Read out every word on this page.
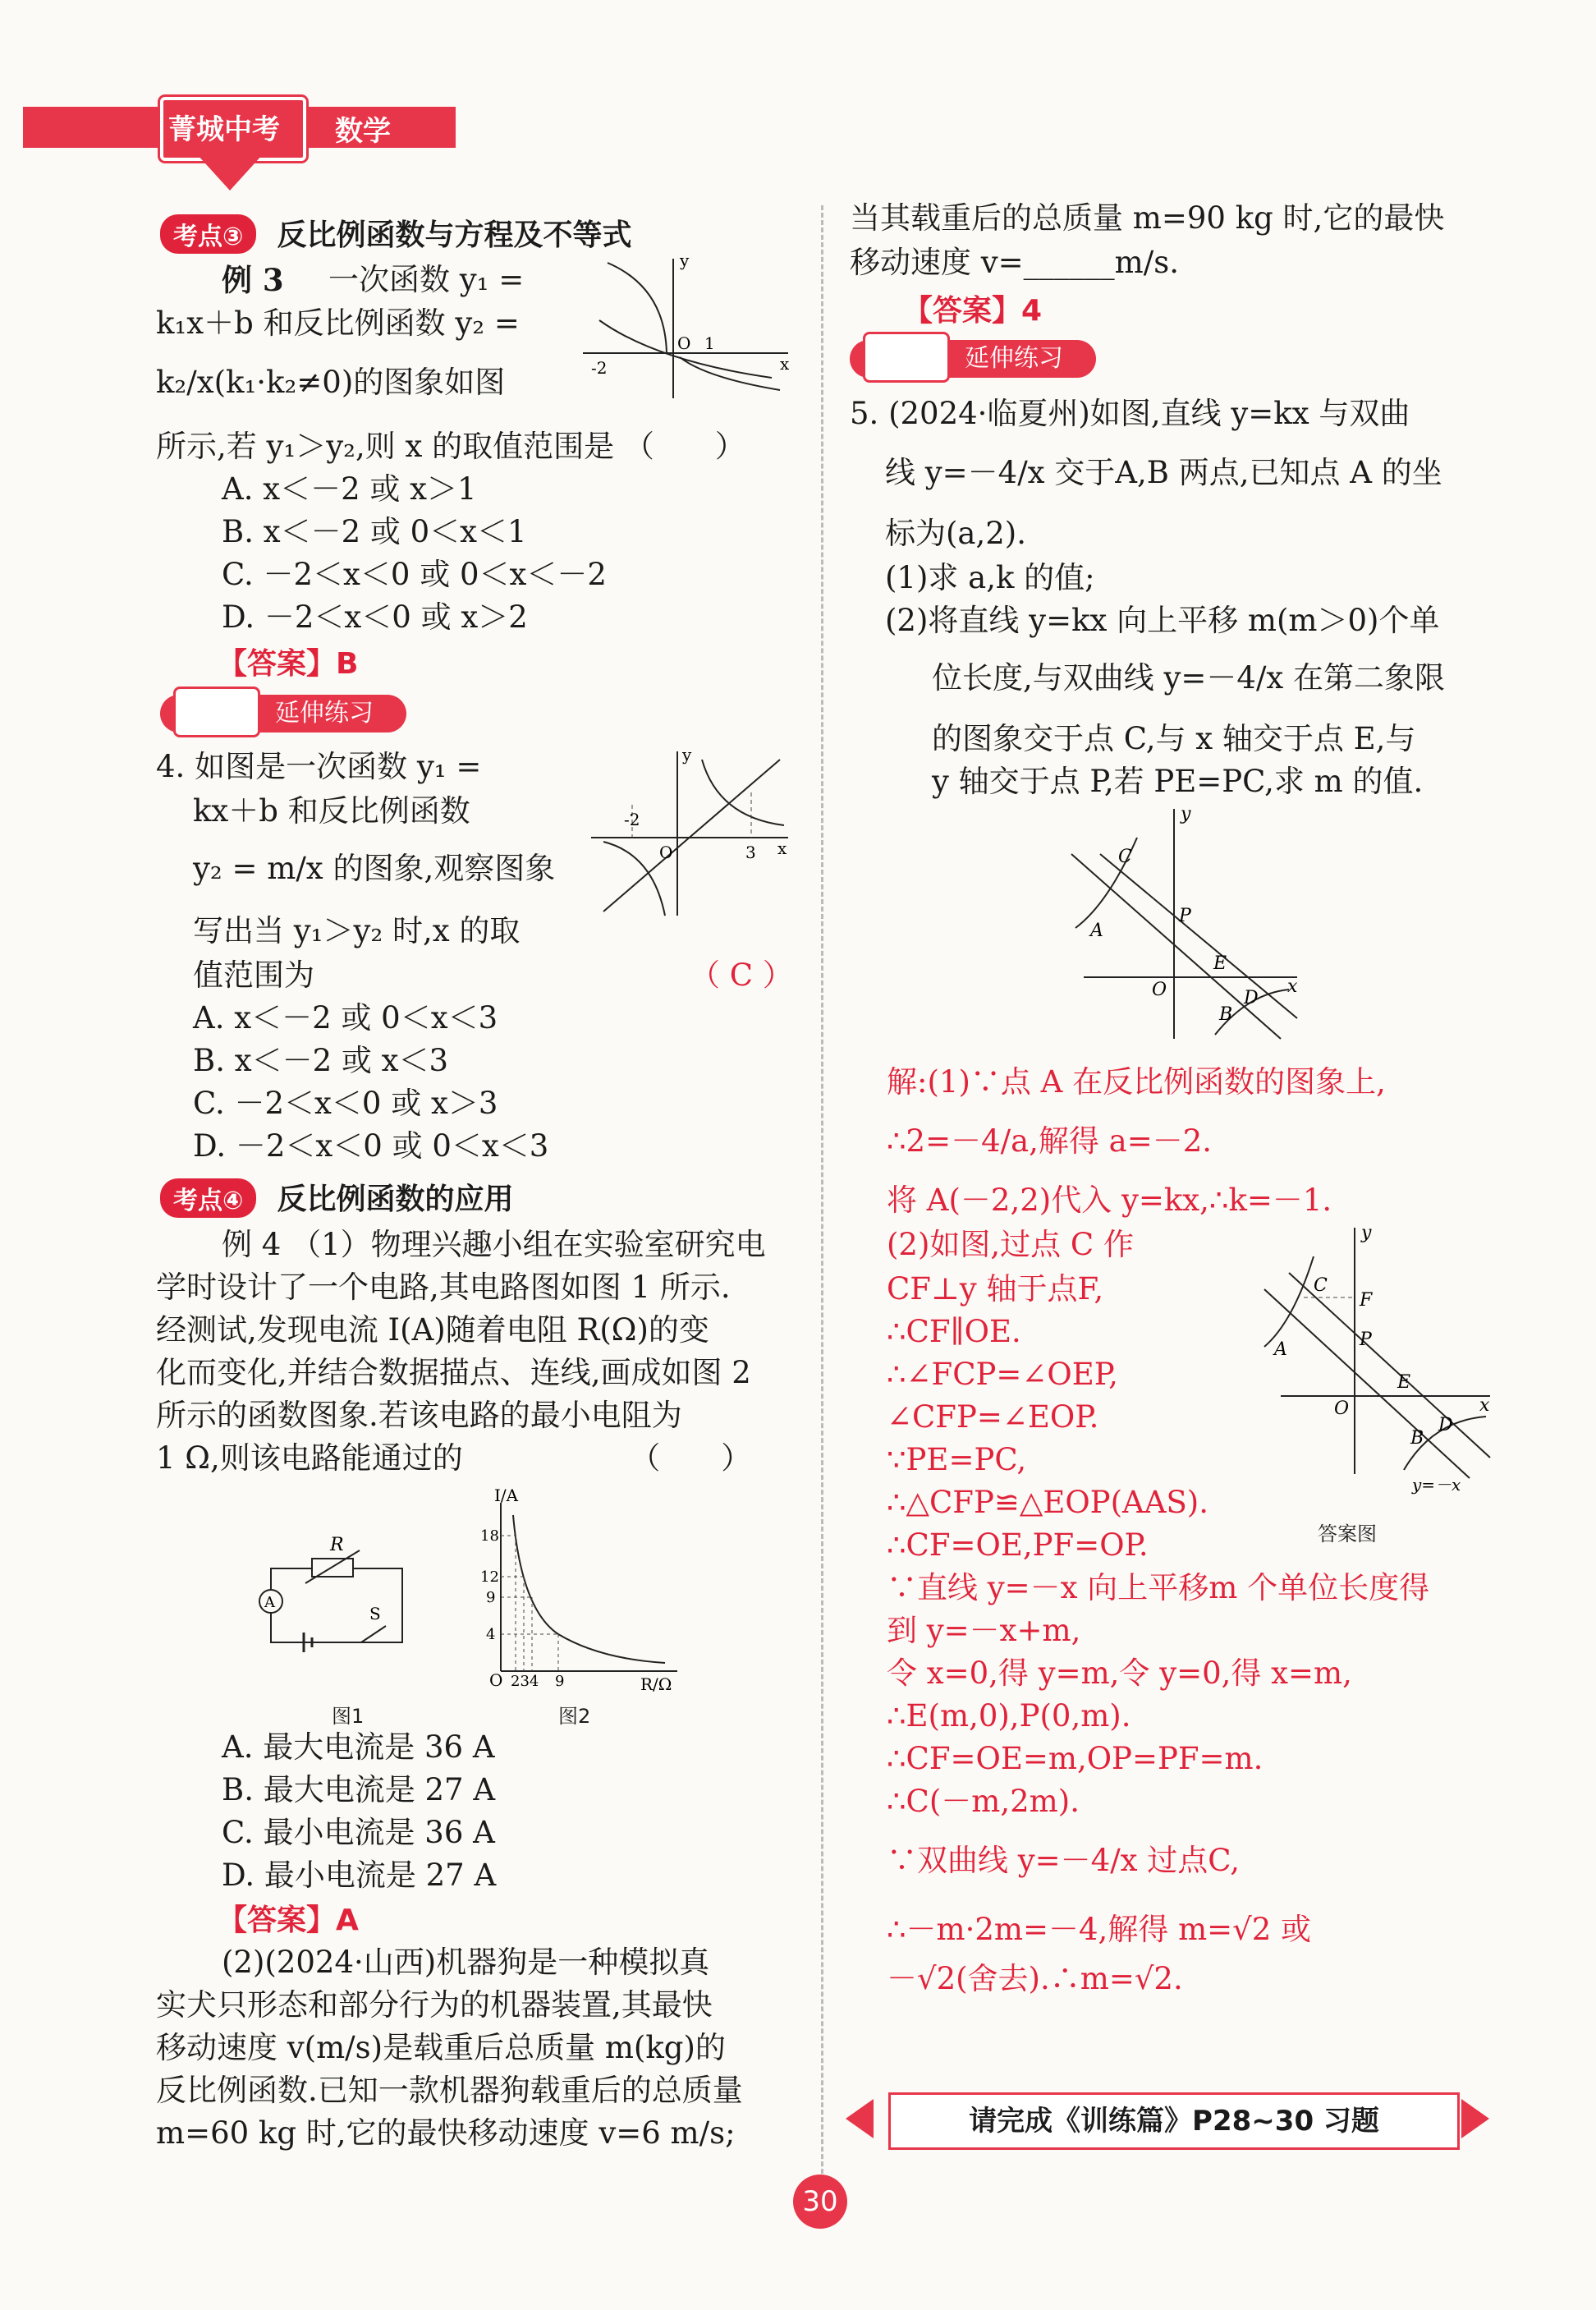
菁城中考 数学
考点③ 反比例函数与方程及不等式
例 3 一次函数 y₁ =
k₁x＋b 和反比例函数 y₂ =
k₂/x(k₁·k₂≠0)的图象如图
所示,若 y₁＞y₂,则 x 的取值范围是 （　　）
y
x
-2
O 1
A. x＜－2 或 x＞1
B. x＜－2 或 0＜x＜1
C. －2＜x＜0 或 0＜x＜－2
D. －2＜x＜0 或 x＞2
【答案】B
延伸练习
4. 如图是一次函数 y₁ =
kx＋b 和反比例函数
y₂ = m/x 的图象,观察图象
写出当 y₁＞y₂ 时,x 的取
值范围为	（ C ）
y
x
-2
O	3
A. x＜－2 或 0＜x＜3
B. x＜－2 或 x＜3
C. －2＜x＜0 或 x＞3
D. －2＜x＜0 或 0＜x＜3
考点④ 反比例函数的应用
例 4 （1）物理兴趣小组在实验室研究电
学时设计了一个电路,其电路图如图 1 所示.
经测试,发现电流 I(A)随着电阻 R(Ω)的变
化而变化,并结合数据描点、连线,画成如图 2
所示的函数图象.若该电路的最小电阻为
1 Ω,则该电路能通过的　　　　　　（　　）
R
A
S
图1
I/A
R/Ω
O
18
12
9
4
234 9
图2
A. 最大电流是 36 A
B. 最大电流是 27 A
C. 最小电流是 36 A
D. 最小电流是 27 A
【答案】A
(2)(2024·山西)机器狗是一种模拟真
实犬只形态和部分行为的机器装置,其最快
移动速度 v(m/s)是载重后总质量 m(kg)的
反比例函数.已知一款机器狗载重后的总质量
m=60 kg 时,它的最快移动速度 v=6 m/s;
当其载重后的总质量 m=90 kg 时,它的最快
移动速度 v=______m/s.
【答案】4
延伸练习
5. (2024·临夏州)如图,直线 y=kx 与双曲
线 y=－4/x 交于A,B 两点,已知点 A 的坐
标为(a,2).
(1)求 a,k 的值;
(2)将直线 y=kx 向上平移 m(m＞0)个单
位长度,与双曲线 y=－4/x 在第二象限
的图象交于点 C,与 x 轴交于点 E,与
y 轴交于点 P,若 PE=PC,求 m 的值.
y
x
O
A
B
C
D
E
P
解:(1)∵点 A 在反比例函数的图象上,
∴2=－4/a,解得 a=－2.
将 A(－2,2)代入 y=kx,∴k=－1.
(2)如图,过点 C 作
CF⊥y 轴于点F,
∴CF∥OE.
∴∠FCP=∠OEP,
∠CFP=∠EOP.
∵PE=PC,
∴△CFP≌△EOP(AAS).
∴CF=OE,PF=OP.
∵直线 y=－x 向上平移m 个单位长度得
到 y=－x+m,
令 x=0,得 y=m,令 y=0,得 x=m,
∴E(m,0),P(0,m).
∴CF=OE=m,OP=PF=m.
∴C(－m,2m).
∵双曲线 y=－4/x 过点C,
∴－m·2m=－4,解得 m=√2 或
－√2(舍去).∴m=√2.
y
x
O
A
B
C
D
E
P
F
y=－x
答案图
请完成《训练篇》P28~30 习题
30
